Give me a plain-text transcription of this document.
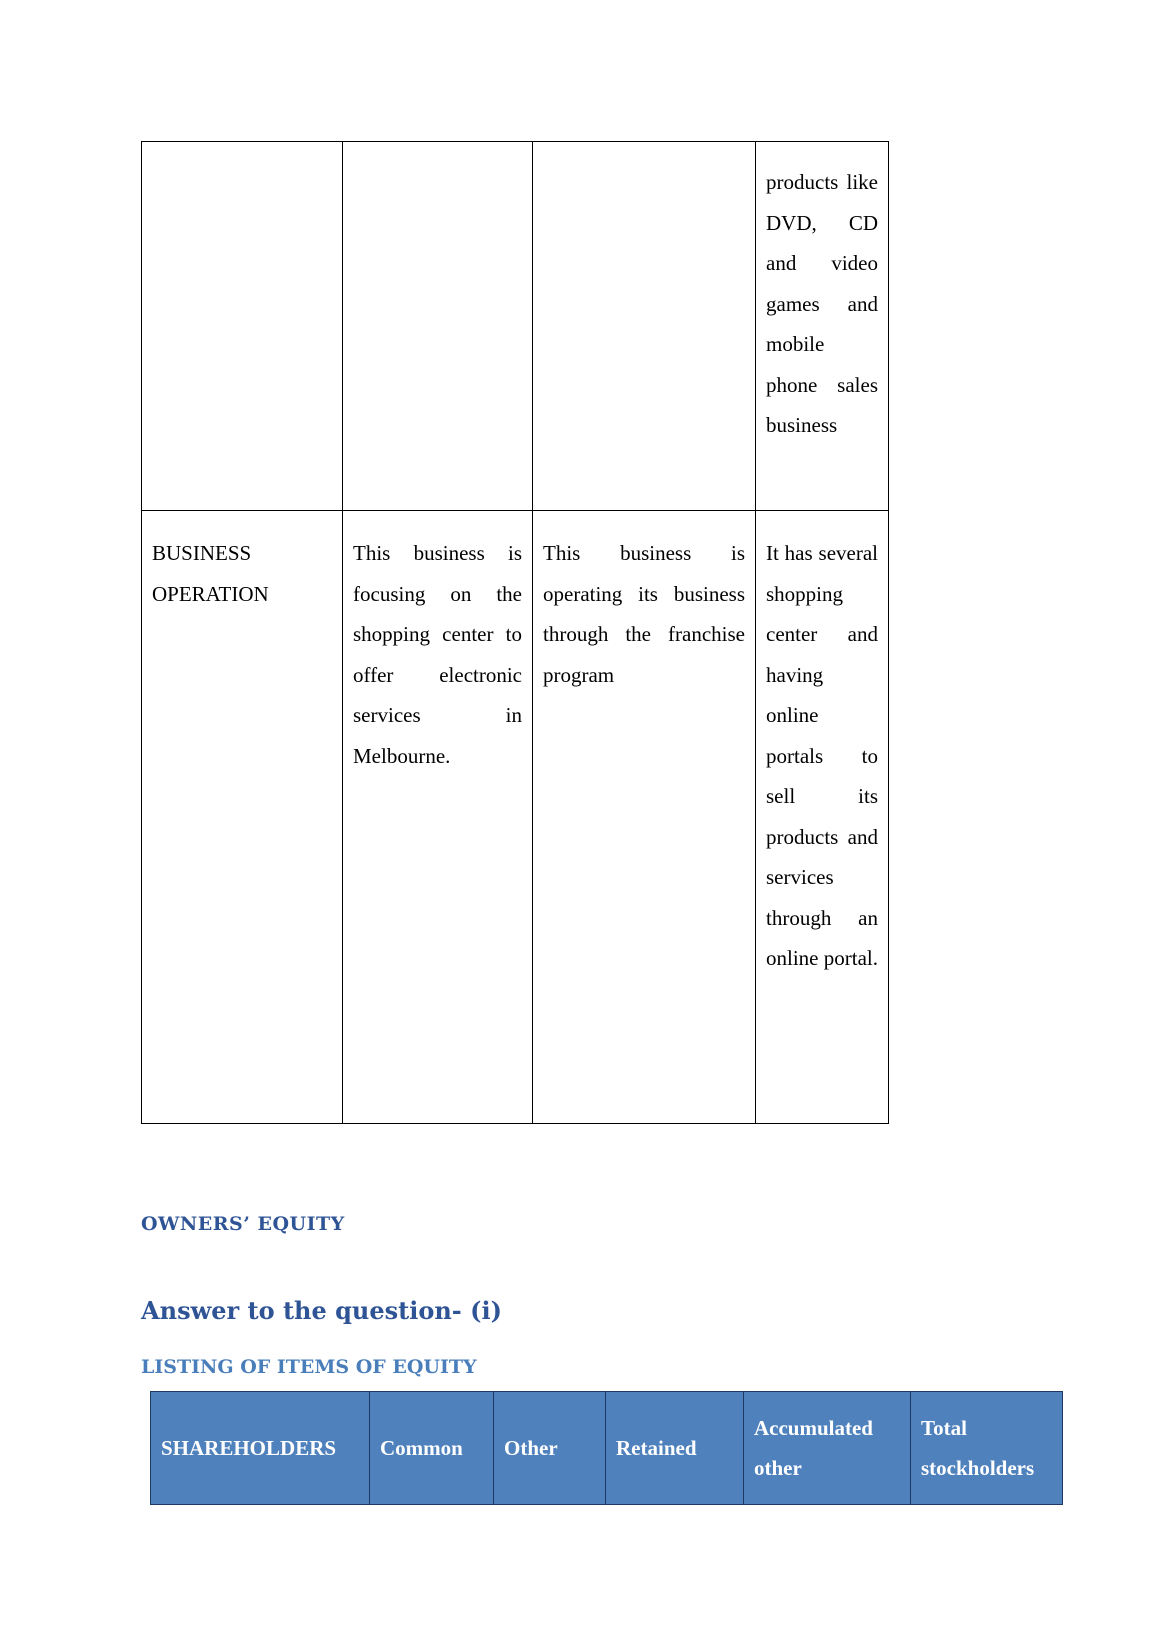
			products like DVD, CD and video games and mobile phone sales business
BUSINESS OPERATION	This business is focusing on the shopping center to offer electronic services in Melbourne.	This business is operating its business through the franchise program	It has several shopping center and having online portals to sell its products and services through an online portal.
OWNERS’ EQUITY
Answer to the question- (i)
LISTING OF ITEMS OF EQUITY
SHAREHOLDERS	Common	Other	Retained	Accumulated other	Total stockholders
